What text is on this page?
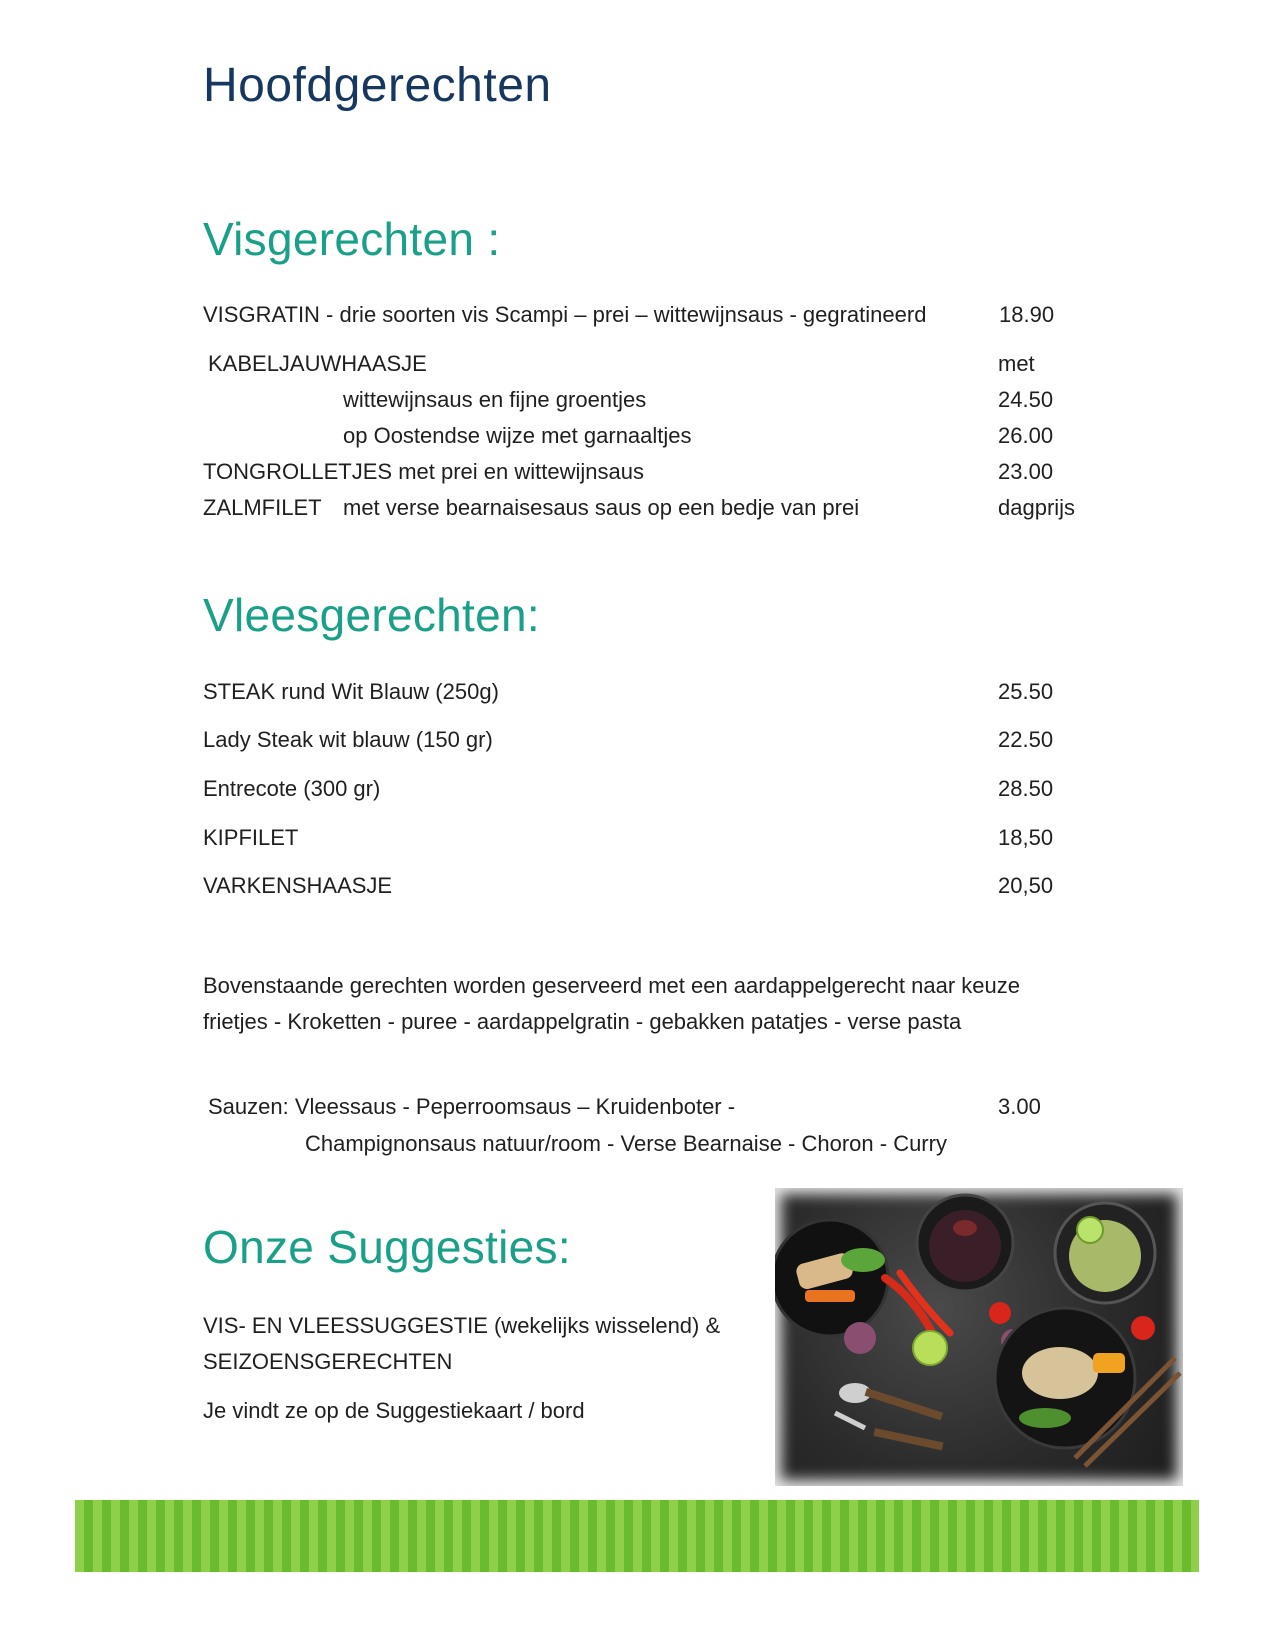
Hoofdgerechten
Visgerechten :
VISGRATIN - drie soorten vis Scampi – prei – wittewijnsaus - gegratineerd	18.90
KABELJAUWHAASJE	met
wittewijnsaus en fijne groentjes	24.50
op Oostendse wijze met garnaaltjes	26.00
TONGROLLETJES met prei en wittewijnsaus	23.00
ZALMFILET met verse bearnaisesaus saus op een bedje van prei	dagprijs
Vleesgerechten:
STEAK rund Wit Blauw (250g)	25.50
Lady Steak wit blauw (150 gr)	22.50
Entrecote (300 gr)	28.50
KIPFILET	18,50
VARKENSHAASJE	20,50
Bovenstaande gerechten worden geserveerd met een aardappelgerecht naar keuze
frietjes - Kroketten - puree - aardappelgratin - gebakken patatjes - verse pasta
Sauzen: Vleessaus - Peperroomsaus – Kruidenboter -	3.00
Champignonsaus natuur/room - Verse Bearnaise - Choron - Curry
Onze Suggesties:
VIS- EN VLEESSUGGESTIE (wekelijks wisselend) &
SEIZOENSGERECHTEN
Je vindt ze op de Suggestiekaart / bord
